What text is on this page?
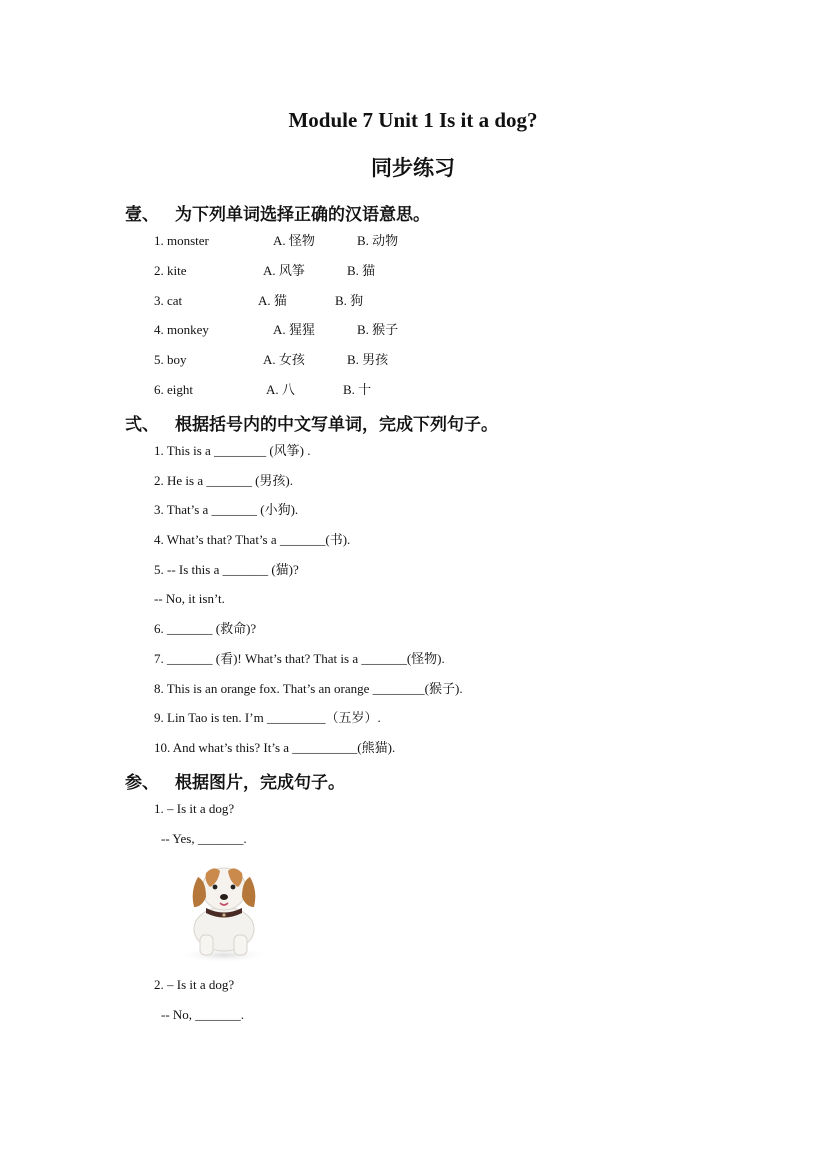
Module 7 Unit 1 Is it a dog?
同步练习
壹、 为下列单词选择正确的汉语意思。
1. monster	A. 怪物	B. 动物
2. kite	A. 风筝	B. 猫
3. cat	A. 猫	B. 狗
4. monkey	A. 猩猩	B. 猴子
5. boy	A. 女孩	B. 男孩
6. eight	A. 八	B. 十
弍、 根据括号内的中文写单词，完成下列句子。
1. This is a ________ (风筝) .
2. He is a _______ (男孩).
3. That’s a _______ (小狗).
4. What’s that? That’s a _______(书).
5. -- Is this a _______ (猫)?
-- No, it isn’t.
6. _______ (救命)?
7. _______ (看)! What’s that? That is a _______(怪物).
8. This is an orange fox. That’s an orange ________(猴子).
9. Lin Tao is ten. I’m _________（五岁）.
10. And what’s this? It’s a __________(熊猫).
参、 根据图片，完成句子。
1. – Is it a dog?
-- Yes, _______.
2. – Is it a dog?
-- No, _______.
